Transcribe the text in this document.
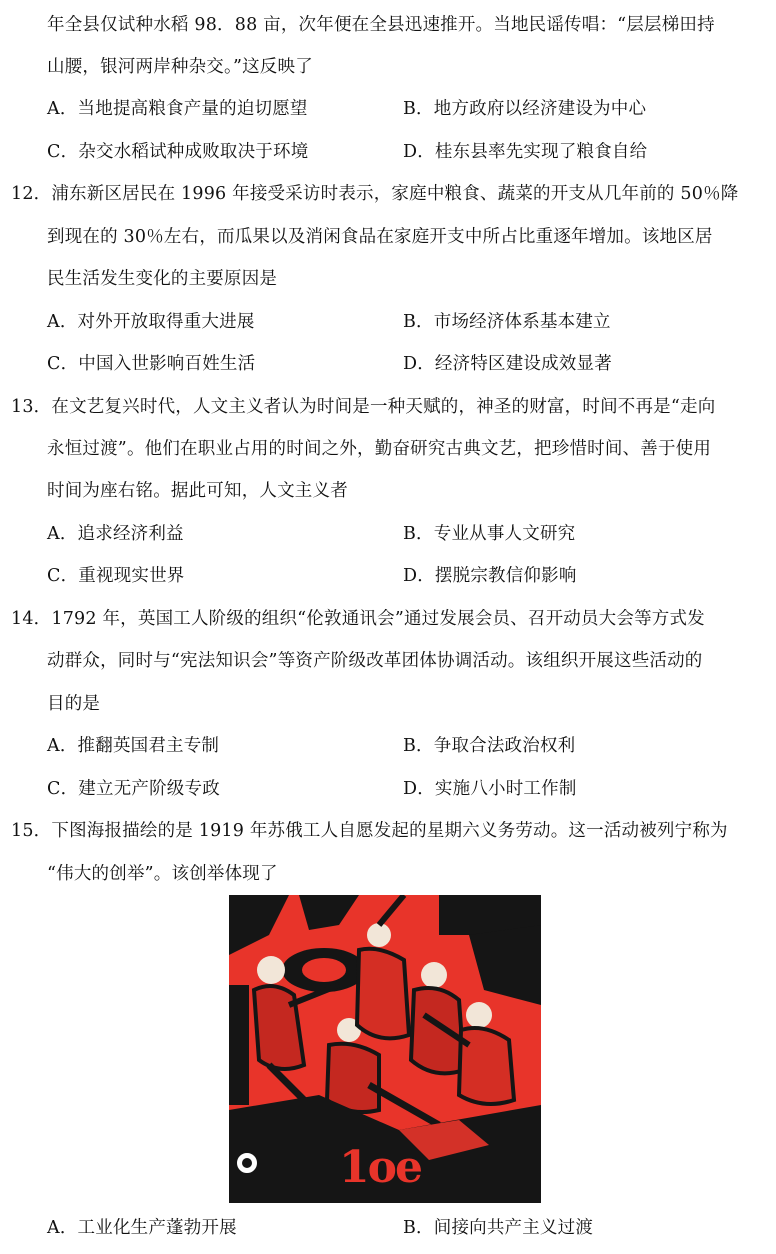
年全县仅试种水稻 98．88 亩，次年便在全县迅速推开。当地民谣传唱：“层层梯田持
山腰，银河两岸种杂交。”这反映了
A．当地提高粮食产量的迫切愿望	B．地方政府以经济建设为中心
C．杂交水稻试种成败取决于环境	D．桂东县率先实现了粮食自给
12．浦东新区居民在 1996 年接受采访时表示，家庭中粮食、蔬菜的开支从几年前的 50％降
到现在的 30％左右，而瓜果以及消闲食品在家庭开支中所占比重逐年增加。该地区居
民生活发生变化的主要原因是
A．对外开放取得重大进展	B．市场经济体系基本建立
C．中国入世影响百姓生活	D．经济特区建设成效显著
13．在文艺复兴时代，人文主义者认为时间是一种天赋的，神圣的财富，时间不再是“走向
永恒过渡”。他们在职业占用的时间之外，勤奋研究古典文艺，把珍惜时间、善于使用
时间为座右铭。据此可知，人文主义者
A．追求经济利益	B．专业从事人文研究
C．重视现实世界	D．摆脱宗教信仰影响
14．1792 年，英国工人阶级的组织“伦敦通讯会”通过发展会员、召开动员大会等方式发
动群众，同时与“宪法知识会”等资产阶级改革团体协调活动。该组织开展这些活动的
目的是
A．推翻英国君主专制	B．争取合法政治权利
C．建立无产阶级专政	D．实施八小时工作制
15．下图海报描绘的是 1919 年苏俄工人自愿发起的星期六义务劳动。这一活动被列宁称为
“伟大的创举”。该创举体现了
1ое
A．工业化生产蓬勃开展	B．间接向共产主义过渡
